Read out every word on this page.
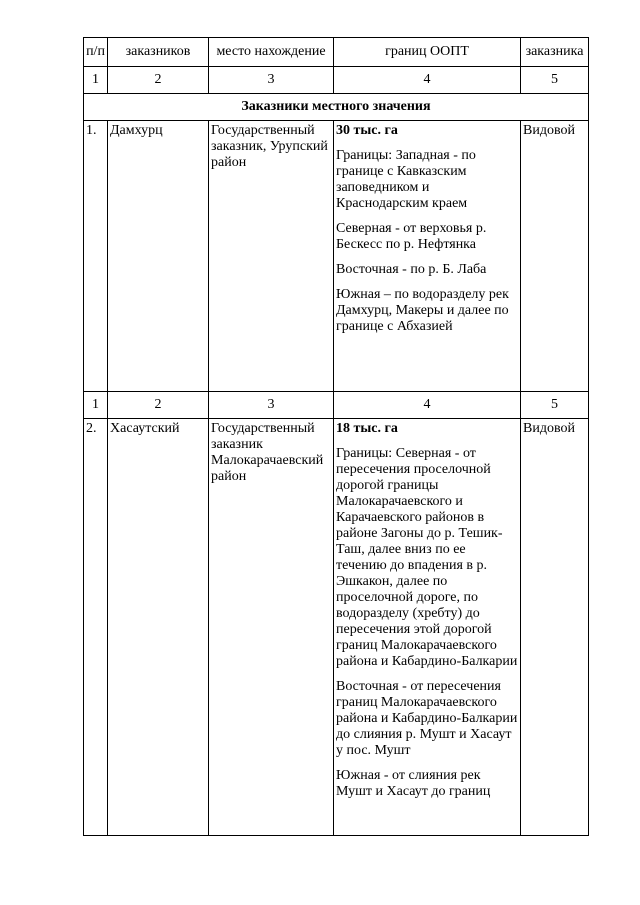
п/п	заказников	место нахождение	границ ООПТ	заказника
1	2	3	4	5
Заказники местного значения				
1.	Дамхурц	Государственный заказник, Урупский район	30 тыс. га
Границы: Западная - по границе с Кавказским заповедником и Краснодарским краем
Северная - от верховья р. Бескесс по р. Нефтянка
Восточная - по р. Б. Лаба
Южная – по водоразделу рек Дамхурц, Макеры и далее по границе с Абхазией	Видовой
1	2	3	4	5
2.	Хасаутский	Государственный заказник Малокарачаевский район	18 тыс. га
Границы: Северная - от пересечения проселочной дорогой границы Малокарачаевского и Карачаевского районов в районе Загоны до р. Тешик-Таш, далее вниз по ее течению до впадения в р. Эшкакон, далее по проселочной дороге, по водоразделу (хребту) до пересечения этой дорогой границ Малокарачаевского района и Кабардино-Балкарии
Восточная - от пересечения границ Малокарачаевского района и Кабардино-Балкарии до слияния р. Мушт и Хасаут у пос. Мушт
Южная - от слияния рек Мушт и Хасаут до границ	Видовой
